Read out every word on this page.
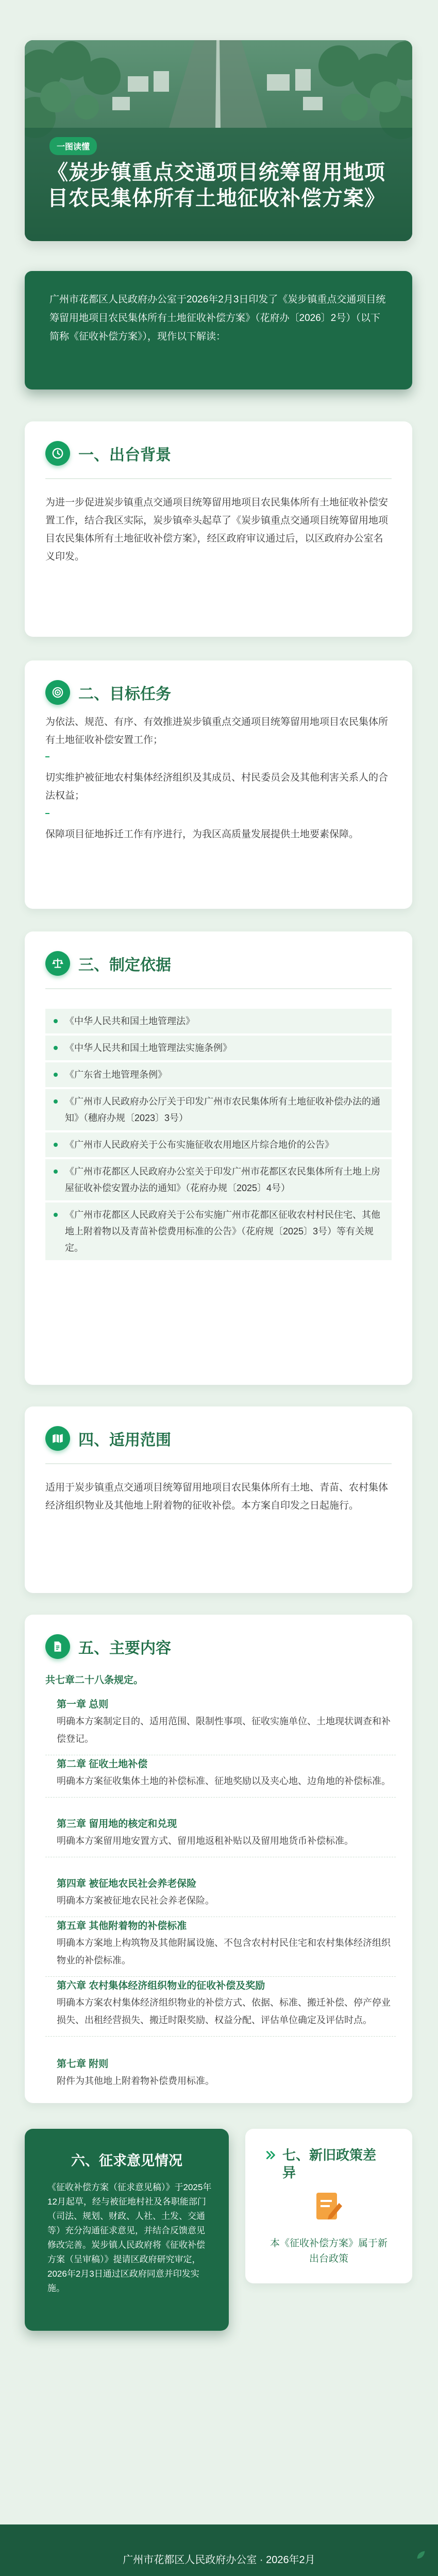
一图读懂
《炭步镇重点交通项目统筹留用地项目农民集体所有土地征收补偿方案》

广州市花都区人民政府办公室于2026年2月3日印发了《炭步镇重点交通项目统筹留用地项目农民集体所有土地征收补偿方案》（花府办〔2026〕2号）（以下简称《征收补偿方案》），现作以下解读：

一、出台背景
为进一步促进炭步镇重点交通项目统筹留用地项目农民集体所有土地征收补偿安置工作，结合我区实际，炭步镇牵头起草了《炭步镇重点交通项目统筹留用地项目农民集体所有土地征收补偿方案》，经区政府审议通过后，以区政府办公室名义印发。
二、目标任务
为依法、规范、有序、有效推进炭步镇重点交通项目统筹留用地项目农民集体所有土地征收补偿安置工作；
切实维护被征地农村集体经济组织及其成员、村民委员会及其他利害关系人的合法权益；
保障项目征地拆迁工作有序进行，为我区高质量发展提供土地要素保障。
三、制定依据
《中华人民共和国土地管理法》
《中华人民共和国土地管理法实施条例》
《广东省土地管理条例》
《广州市人民政府办公厅关于印发广州市农民集体所有土地征收补偿办法的通知》（穗府办规〔2023〕3号）
《广州市人民政府关于公布实施征收农用地区片综合地价的公告》
《广州市花都区人民政府办公室关于印发广州市花都区农民集体所有土地上房屋征收补偿安置办法的通知》（花府办规〔2025〕4号）
《广州市花都区人民政府关于公布实施广州市花都区征收农村村民住宅、其他地上附着物以及青苗补偿费用标准的公告》（花府规〔2025〕3号）等有关规定。
四、适用范围
适用于炭步镇重点交通项目统筹留用地项目农民集体所有土地、青苗、农村集体经济组织物业及其他地上附着物的征收补偿。本方案自印发之日起施行。
五、主要内容
共七章二十八条规定。
第一章 总则
明确本方案制定目的、适用范围、限制性事项、征收实施单位、土地现状调查和补偿登记。
第二章 征收土地补偿
明确本方案征收集体土地的补偿标准、征地奖励以及夹心地、边角地的补偿标准。
第三章 留用地的核定和兑现
明确本方案留用地安置方式、留用地返租补贴以及留用地货币补偿标准。
第四章 被征地农民社会养老保险
明确本方案被征地农民社会养老保险。
第五章 其他附着物的补偿标准
明确本方案地上构筑物及其他附属设施、不包含农村村民住宅和农村集体经济组织物业的补偿标准。
第六章 农村集体经济组织物业的征收补偿及奖励
明确本方案农村集体经济组织物业的补偿方式、依据、标准、搬迁补偿、停产停业损失、出租经营损失、搬迁时限奖励、权益分配、评估单位确定及评估时点。
第七章 附则
附件为其他地上附着物补偿费用标准。
六、征求意见情况
《征收补偿方案（征求意见稿）》于2025年12月起草，经与被征地村社及各职能部门（司法、规划、财政、人社、土发、交通等）充分沟通征求意见，并结合反馈意见修改完善。炭步镇人民政府将《征收补偿方案（呈审稿）》提请区政府研究审定，2026年2月3日通过区政府同意并印发实施。
七、新旧政策差异
本《征收补偿方案》属于新出台政策
广州市花都区人民政府办公室 · 2026年2月
